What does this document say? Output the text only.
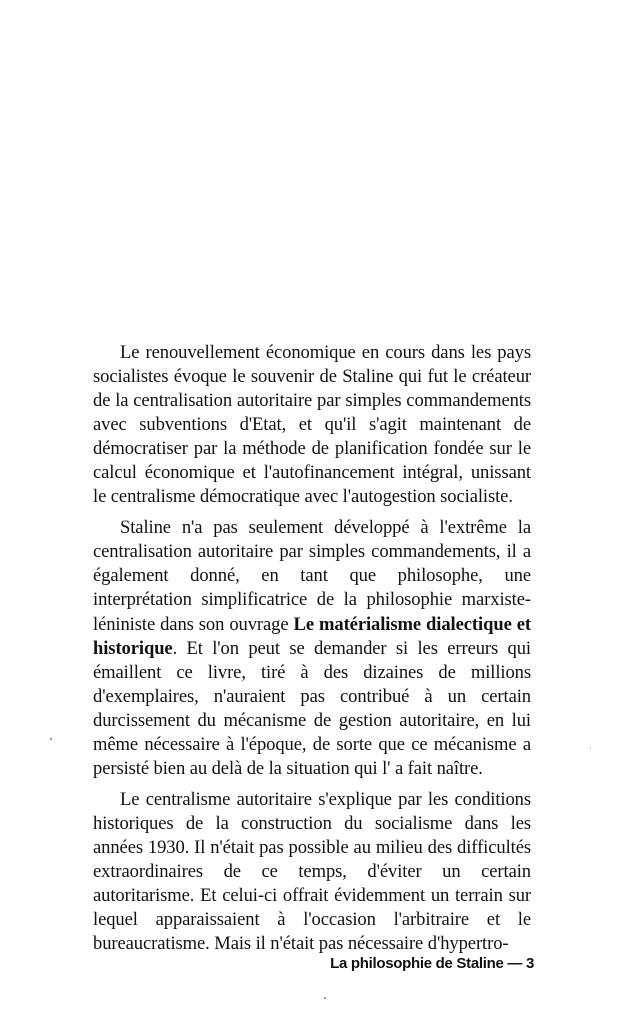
Le renouvellement économique en cours dans les pays socialistes évoque le souvenir de Staline qui fut le créateur de la centralisation autoritaire par simples commandements avec subventions d'Etat, et qu'il s'agit maintenant de démocratiser par la méthode de planification fondée sur le calcul économique et l'autofinancement intégral, unissant le centralisme démocratique avec l'autogestion socialiste.

Staline n'a pas seulement développé à l'extrême la centralisation autoritaire par simples commandements, il a également donné, en tant que philosophe, une interprétation simplificatrice de la philosophie marxiste-léniniste dans son ouvrage Le matérialisme dialectique et historique. Et l'on peut se demander si les erreurs qui émaillent ce livre, tiré à des dizaines de millions d'exemplaires, n'auraient pas contribué à un certain durcissement du mécanisme de gestion autoritaire, en lui même nécessaire à l'époque, de sorte que ce mécanisme a persisté bien au delà de la situation qui l' a fait naître.

Le centralisme autoritaire s'explique par les conditions historiques de la construction du socialisme dans les années 1930. Il n'était pas possible au milieu des difficultés extraordinaires de ce temps, d'éviter un certain autoritarisme. Et celui-ci offrait évidemment un terrain sur lequel apparaissaient à l'occasion l'arbitraire et le bureaucratisme. Mais il n'était pas nécessaire d'hypertro-

La philosophie de Staline — 3
